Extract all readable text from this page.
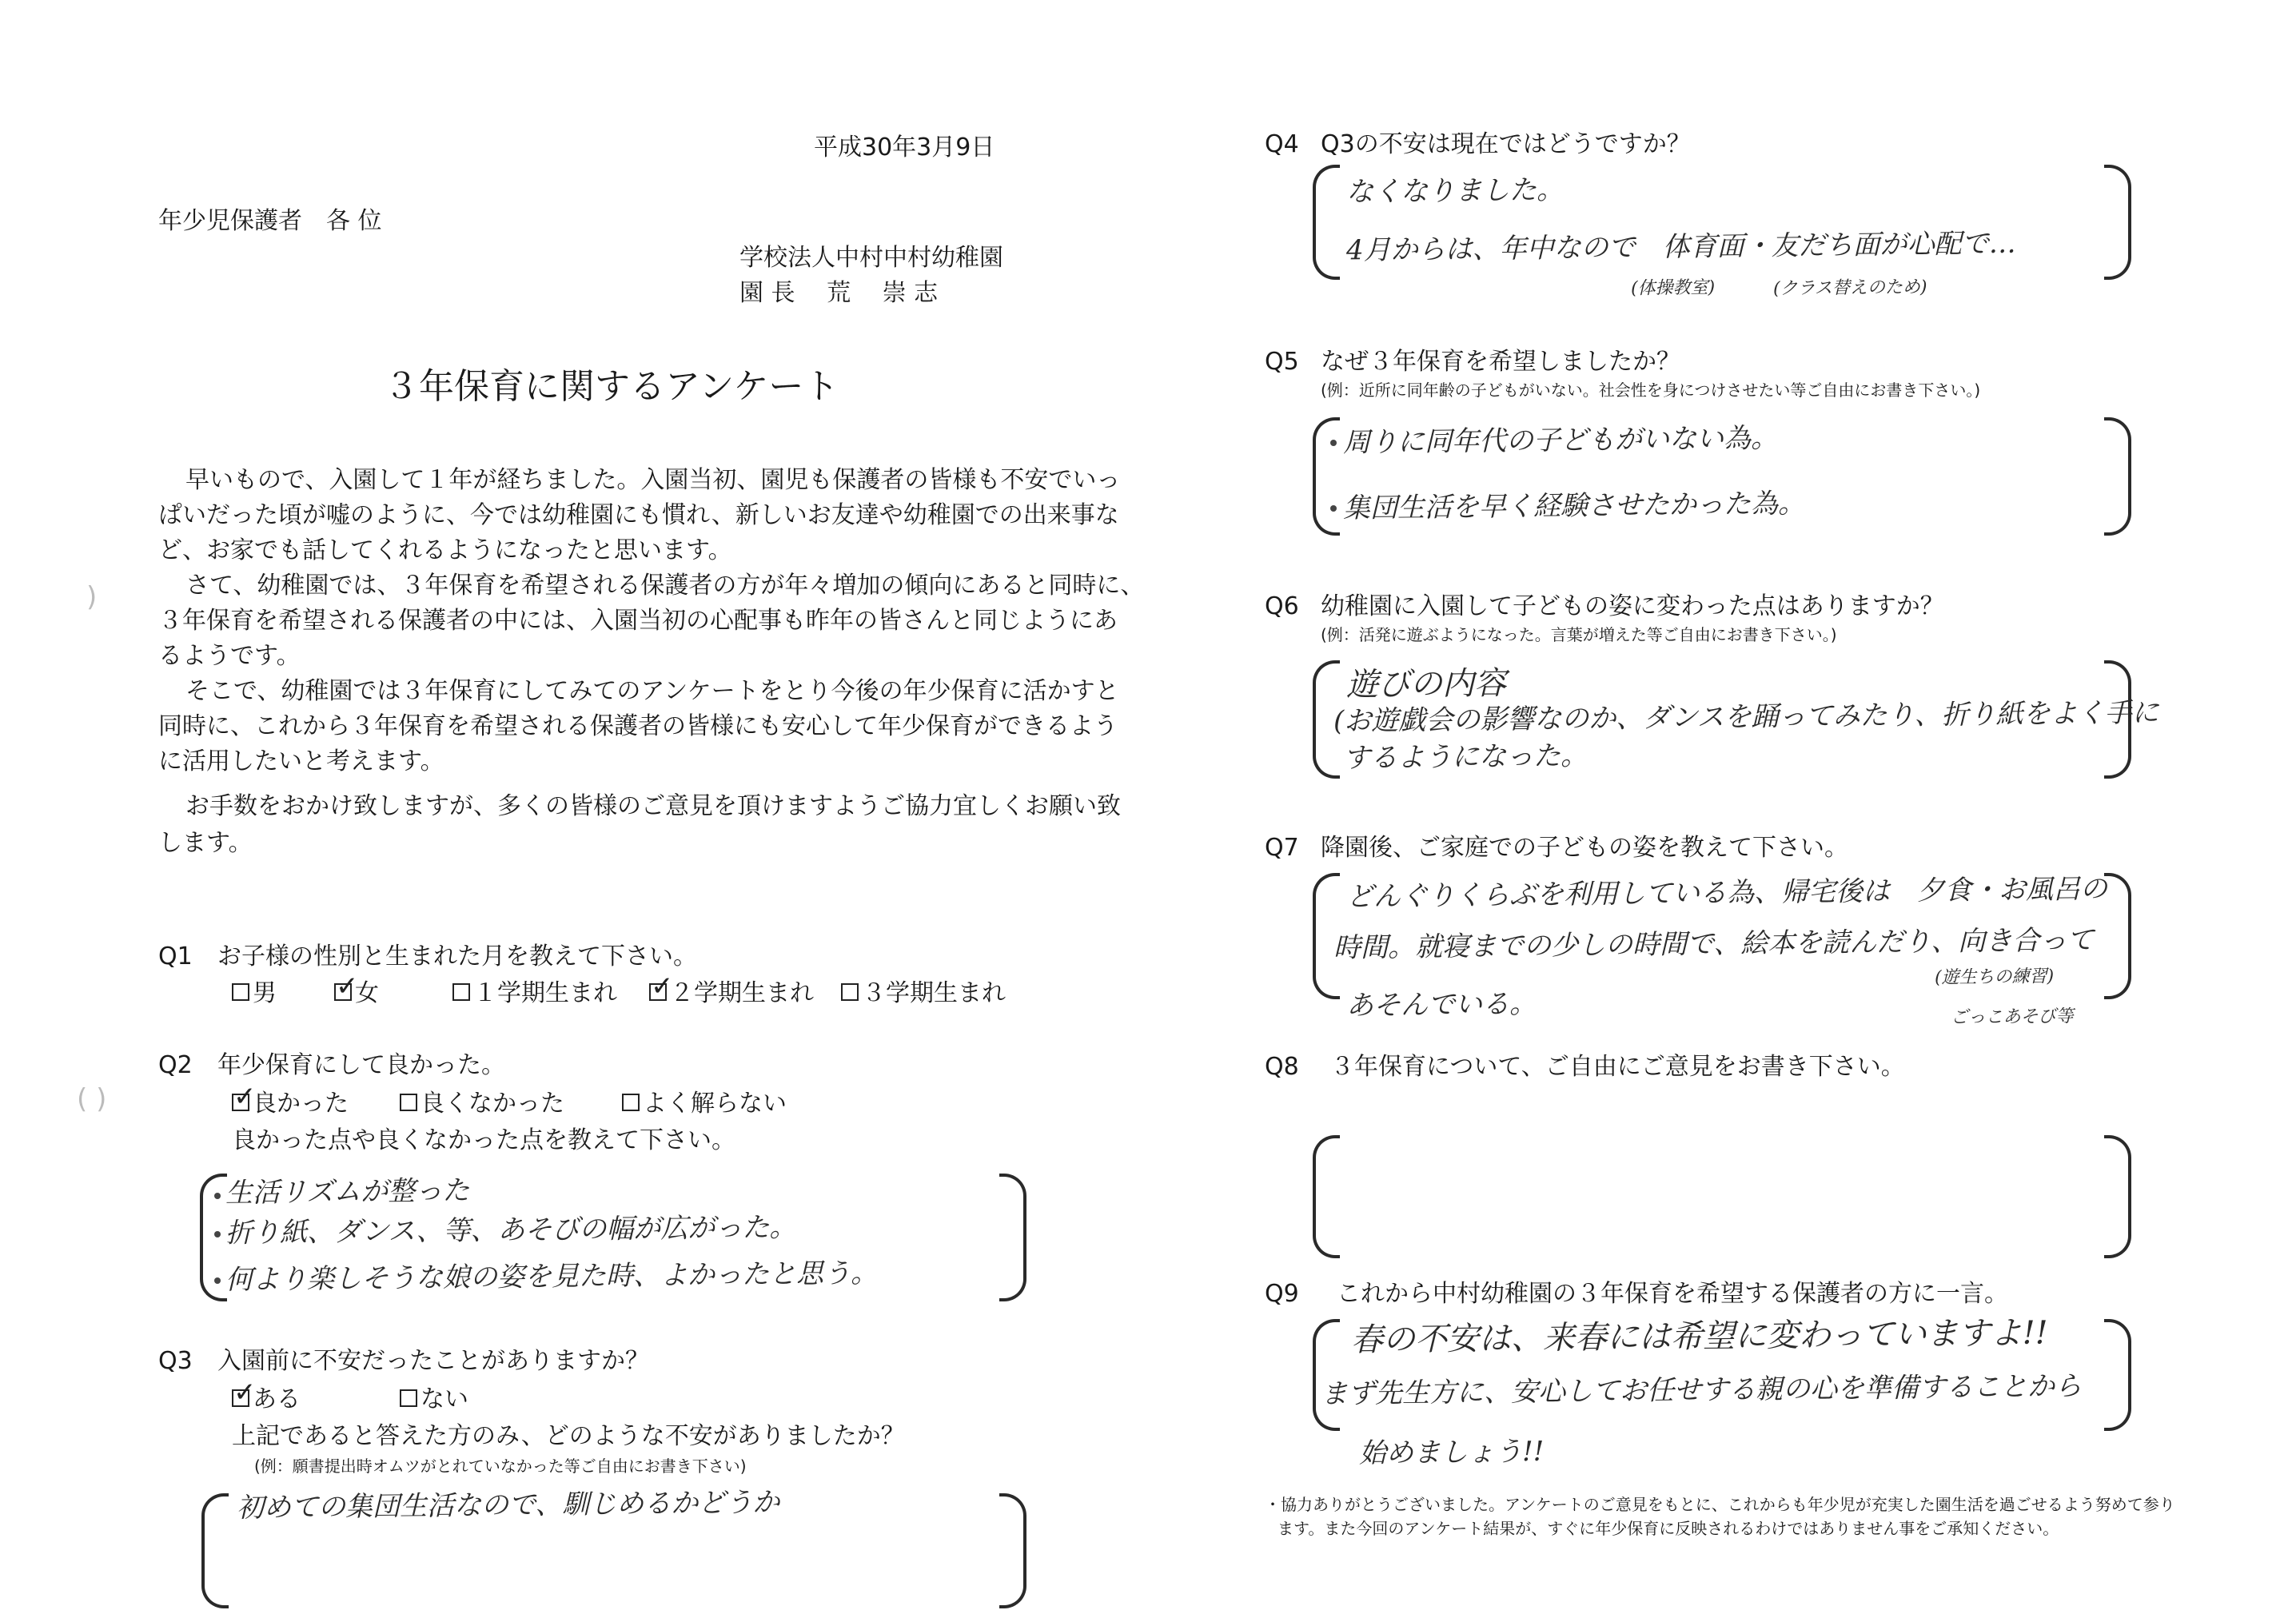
平成30年3月9日
年少児保護者　各 位
学校法人中村中村幼稚園
園 長　 荒　 崇 志
３年保育に関するアンケート
早いもので、入園して１年が経ちました。入園当初、園児も保護者の皆様も不安でいっ
ぱいだった頃が嘘のように、今では幼稚園にも慣れ、新しいお友達や幼稚園での出来事な
ど、お家でも話してくれるようになったと思います。
さて、幼稚園では、３年保育を希望される保護者の方が年々増加の傾向にあると同時に、
３年保育を希望される保護者の中には、入園当初の心配事も昨年の皆さんと同じようにあ
るようです。
そこで、幼稚園では３年保育にしてみてのアンケートをとり今後の年少保育に活かすと
同時に、これから３年保育を希望される保護者の皆様にも安心して年少保育ができるよう
に活用したいと考えます。
お手数をおかけ致しますが、多くの皆様のご意見を頂けますようご協力宜しくお願い致
します。
Q1 お子様の性別と生まれた月を教えて下さい。
男 ✓
女	１学期生まれ ✓
２学期生まれ ３学期生まれ
Q2 年少保育にして良かった。
✓
良かった	良くなかった	よく解らない
良かった点や良くなかった点を教えて下さい。
生活リズムが整った
折り紙、ダンス、等、あそびの幅が広がった。
何より楽しそうな娘の姿を見た時、よかったと思う。
Q3 入園前に不安だったことがありますか？
✓
ある	ない
上記であると答えた方のみ、どのような不安がありましたか？
(例：願書提出時オムツがとれていなかった等ご自由にお書き下さい)
初めての集団生活なので、馴じめるかどうか
Q4 Q3の不安は現在ではどうですか？
なくなりました。
4月からは、年中なので　体育面・友だち面が心配で…
(体操教室)	(クラス替えのため)
Q5 なぜ３年保育を希望しましたか？
(例：近所に同年齢の子どもがいない。社会性を身につけさせたい等ご自由にお書き下さい。)
周りに同年代の子どもがいない為。
集団生活を早く経験させたかった為。
Q6 幼稚園に入園して子どもの姿に変わった点はありますか？
(例：活発に遊ぶようになった。言葉が増えた等ご自由にお書き下さい。)
遊びの内容
(お遊戯会の影響なのか、ダンスを踊ってみたり、折り紙をよく手に
するようになった。
Q7 降園後、ご家庭での子どもの姿を教えて下さい。
どんぐりくらぶを利用している為、帰宅後は　夕食・お風呂の
時間。就寝までの少しの時間で、絵本を読んだり、向き合って
あそんでいる。
(遊生ちの練習)
ごっこあそび等
Q8 ３年保育について、ご自由にご意見をお書き下さい。
Q9 これから中村幼稚園の３年保育を希望する保護者の方に一言。
春の不安は、来春には希望に変わっていますよ!!
まず先生方に、安心してお任せする親の心を準備することから
始めましょう!!
・協力ありがとうございました。アンケートのご意見をもとに、これからも年少児が充実した園生活を過ごせるよう努めて参り
ます。また今回のアンケート結果が、すぐに年少保育に反映されるわけではありません事をご承知ください。
)
( )
